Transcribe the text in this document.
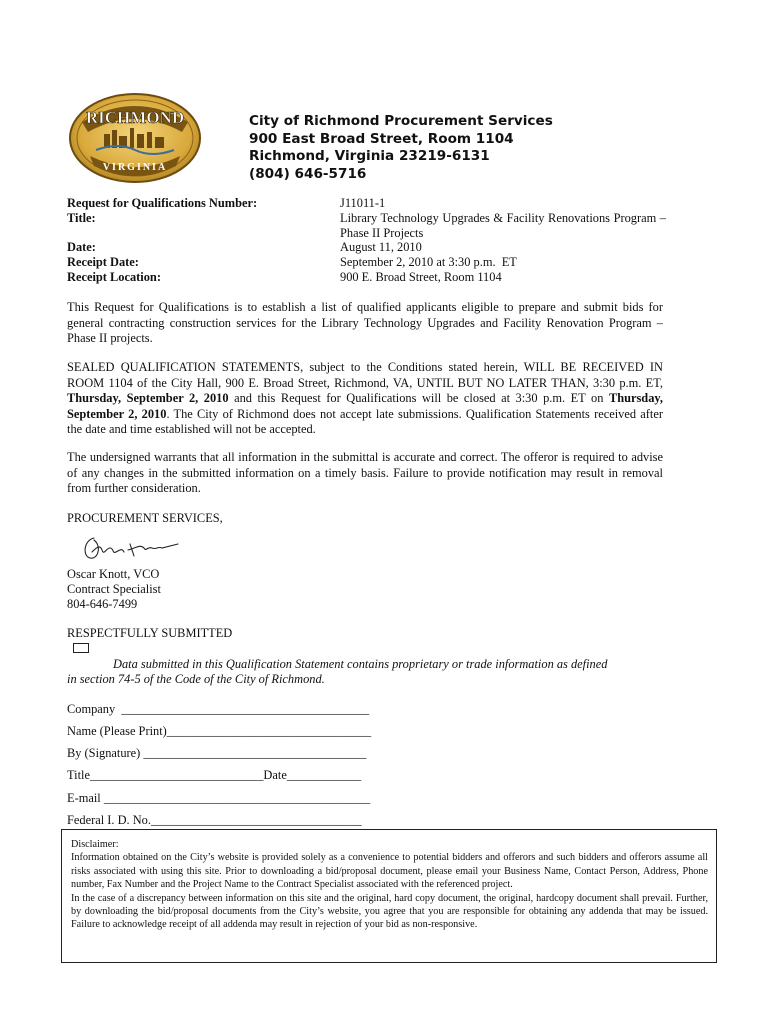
RICHMOND
VIRGINIA
City of Richmond Procurement Services
900 East Broad Street, Room 1104
Richmond, Virginia 23219-6131
(804) 646-5716
Request for Qualifications Number:	J11011-1
Title:	Library Technology Upgrades & Facility Renovations Program – Phase II Projects
Date:	August 11, 2010
Receipt Date:	September 2, 2010 at 3:30 p.m.  ET
Receipt Location:	900 E. Broad Street, Room 1104
This Request for Qualifications is to establish a list of qualified applicants eligible to prepare and submit bids for general contracting construction services for the Library Technology Upgrades and Facility Renovation Program – Phase II projects.
SEALED QUALIFICATION STATEMENTS, subject to the Conditions stated herein, WILL BE RECEIVED IN ROOM 1104 of the City Hall, 900 E. Broad Street, Richmond, VA, UNTIL BUT NO LATER THAN, 3:30 p.m. ET, Thursday, September 2, 2010 and this Request for Qualifications will be closed at 3:30 p.m. ET on Thursday, September 2, 2010. The City of Richmond does not accept late submissions. Qualification Statements received after the date and time established will not be accepted.
The undersigned warrants that all information in the submittal is accurate and correct. The offeror is required to advise of any changes in the submitted information on a timely basis. Failure to provide notification may result in removal from further consideration.
PROCUREMENT SERVICES,
Oscar Knott, VCO
Contract Specialist
804-646-7499
RESPECTFULLY SUBMITTED
Data submitted in this Qualification Statement contains proprietary or trade information as defined
in section 74-5 of the Code of the City of Richmond.
Company  ________________________________________
Name (Please Print)_________________________________
By (Signature) ____________________________________
Title____________________________Date____________
E-mail ___________________________________________
Federal I. D. No.__________________________________
Disclaimer:
Information obtained on the City’s website is provided solely as a convenience to potential bidders and offerors and such bidders and offerors assume all risks associated with using this site. Prior to downloading a bid/proposal document, please email your Business Name, Contact Person, Address, Phone number, Fax Number and the Project Name to the Contract Specialist associated with the referenced project.
In the case of a discrepancy between information on this site and the original, hard copy document, the original, hardcopy document shall prevail. Further, by downloading the bid/proposal documents from the City’s website, you agree that you are responsible for obtaining any addenda that may be issued. Failure to acknowledge receipt of all addenda may result in rejection of your bid as non-responsive.
